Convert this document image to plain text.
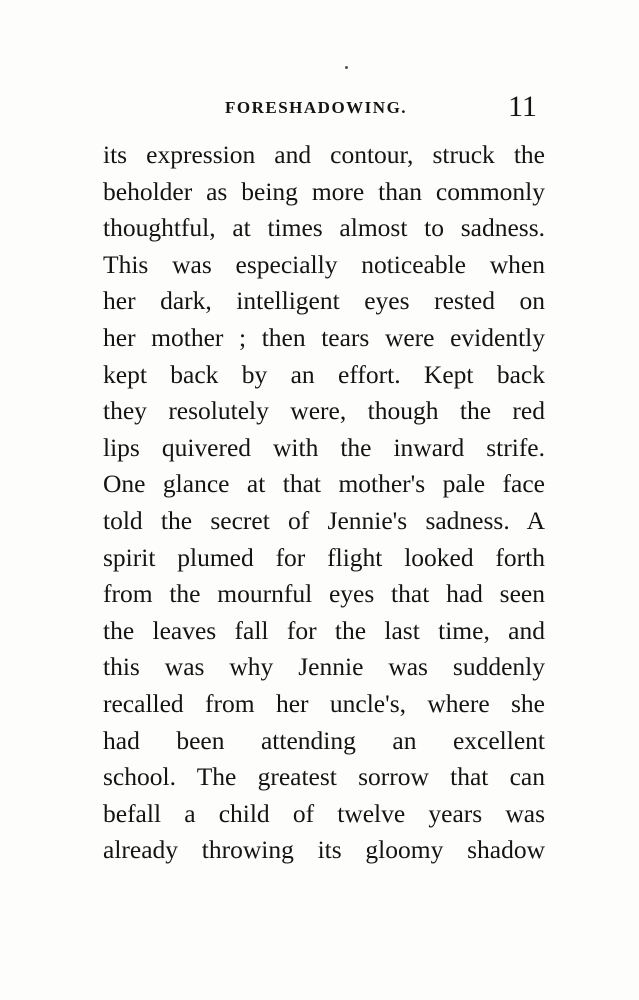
FORESHADOWING.	11
its expression and contour, struck the
beholder as being more than commonly
thoughtful, at times almost to sadness.
This was especially noticeable when
her dark, intelligent eyes rested on
her mother ; then tears were evidently
kept back by an effort. Kept back
they resolutely were, though the red
lips quivered with the inward strife.
One glance at that mother's pale face
told the secret of Jennie's sadness. A
spirit plumed for flight looked forth
from the mournful eyes that had seen
the leaves fall for the last time, and
this was why Jennie was suddenly
recalled from her uncle's, where she
had been attending an excellent
school. The greatest sorrow that can
befall a child of twelve years was
already throwing its gloomy shadow
